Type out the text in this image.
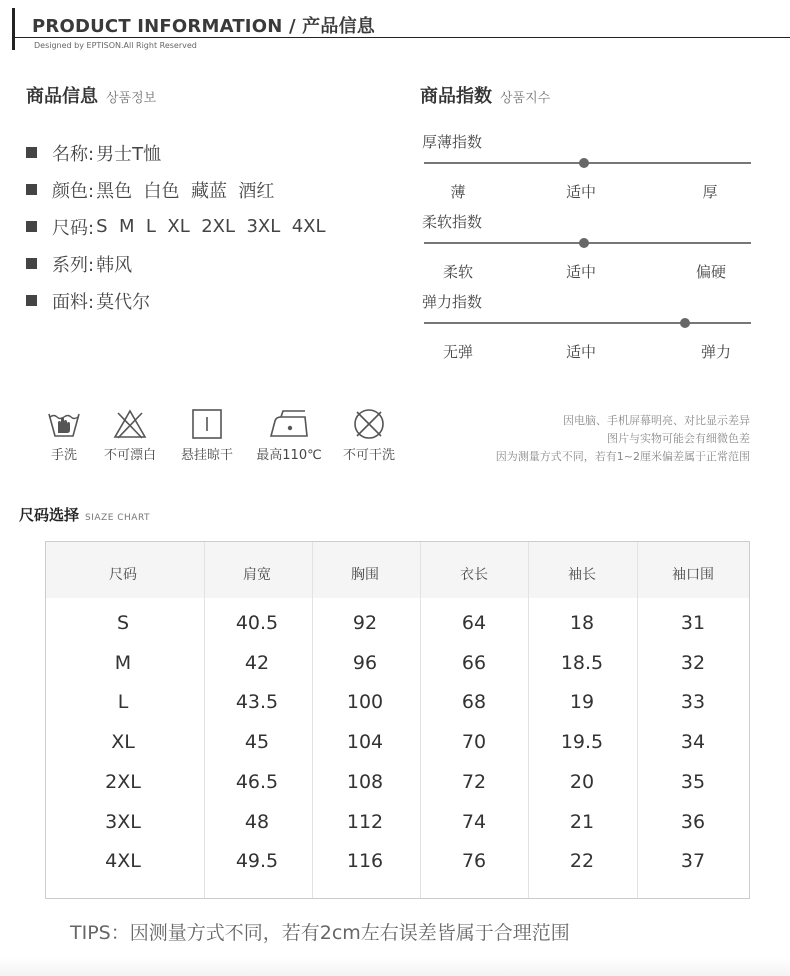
PRODUCT INFORMATION / 产品信息
Designed by EPTISON.All Right Reserved
商品信息 상품정보
名称: 男士T恤
颜色: 黑色  白色  藏蓝  酒红
尺码: S  M  L  XL  2XL  3XL  4XL
系列: 韩风
面料: 莫代尔
商品指数 상품지수
厚薄指数
薄	适中	厚
柔软指数
柔软	适中	偏硬
弹力指数
无弹	适中	弹力
手洗	不可漂白	悬挂晾干	最高110℃	不可干洗
因电脑、手机屏幕明亮、对比显示差异
图片与实物可能会有细微色差
因为测量方式不同，若有1~2厘米偏差属于正常范围
尺码选择 SIAZE CHART
尺码	肩宽	胸围	衣长	袖长	袖口围
S	40.5	92	64	18	31
M	42	96	66	18.5	32
L	43.5	100	68	19	33
XL	45	104	70	19.5	34
2XL	46.5	108	72	20	35
3XL	48	112	74	21	36
4XL	49.5	116	76	22	37
TIPS：因测量方式不同，若有2cm左右误差皆属于合理范围
